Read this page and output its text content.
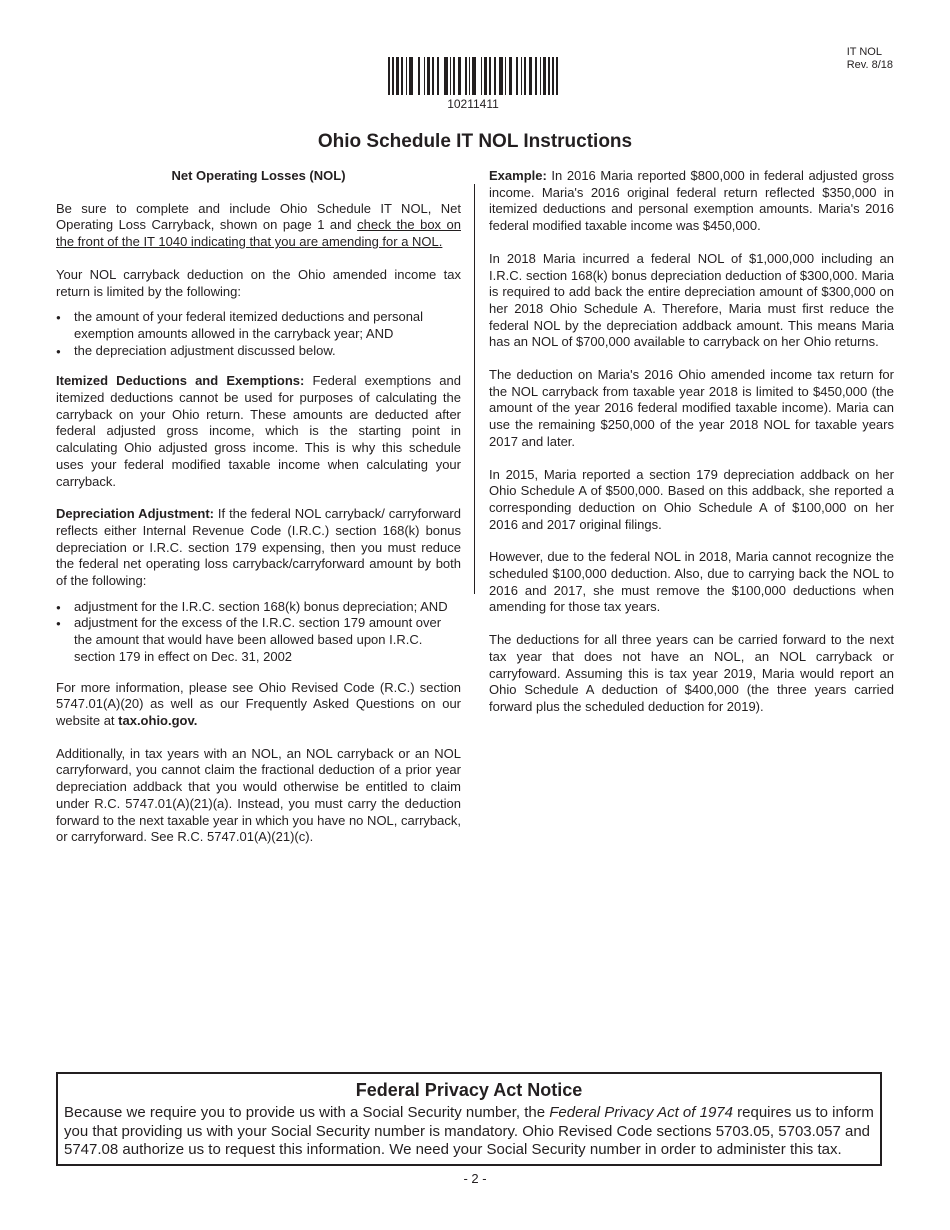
IT NOL
Rev. 8/18
10211411
Ohio Schedule IT NOL Instructions

Net Operating Losses (NOL)

Be sure to complete and include Ohio Schedule IT NOL, Net Operating Loss Carryback, shown on page 1 and check the box on the front of the IT 1040 indicating that you are amending for a NOL.

Your NOL carryback deduction on the Ohio amended income tax return is limited by the following:

● the amount of your federal itemized deductions and personal exemption amounts allowed in the carryback year; AND
● the depreciation adjustment discussed below.

Itemized Deductions and Exemptions: Federal exemptions and itemized deductions cannot be used for purposes of calculating the carryback on your Ohio return. These amounts are deducted after federal adjusted gross income, which is the starting point in calculating Ohio adjusted gross income. This is why this schedule uses your federal modified taxable income when calculating your carryback.

Depreciation Adjustment: If the federal NOL carryback/ carryforward reflects either Internal Revenue Code (I.R.C.) section 168(k) bonus depreciation or I.R.C. section 179 expensing, then you must reduce the federal net operating loss carryback/carryforward amount by both of the following:

● adjustment for the I.R.C. section 168(k) bonus depreciation; AND
● adjustment for the excess of the I.R.C. section 179 amount over the amount that would have been allowed based upon I.R.C. section 179 in effect on Dec. 31, 2002

For more information, please see Ohio Revised Code (R.C.) section 5747.01(A)(20) as well as our Frequently Asked Questions on our website at tax.ohio.gov.

Additionally, in tax years with an NOL, an NOL carryback or an NOL carryforward, you cannot claim the fractional deduction of a prior year depreciation addback that you would otherwise be entitled to claim under R.C. 5747.01(A)(21)(a). Instead, you must carry the deduction forward to the next taxable year in which you have no NOL, carryback, or carryforward. See R.C. 5747.01(A)(21)(c).

Example: In 2016 Maria reported $800,000 in federal adjusted gross income. Maria's 2016 original federal return reflected $350,000 in itemized deductions and personal exemption amounts. Maria's 2016 federal modified taxable income was $450,000.

In 2018 Maria incurred a federal NOL of $1,000,000 including an I.R.C. section 168(k) bonus depreciation deduction of $300,000. Maria is required to add back the entire depreciation amount of $300,000 on her 2018 Ohio Schedule A. Therefore, Maria must first reduce the federal NOL by the depreciation addback amount. This means Maria has an NOL of $700,000 available to carryback on her Ohio returns.

The deduction on Maria's 2016 Ohio amended income tax return for the NOL carryback from taxable year 2018 is limited to $450,000 (the amount of the year 2016 federal modified taxable income). Maria can use the remaining $250,000 of the year 2018 NOL for taxable years 2017 and later.

In 2015, Maria reported a section 179 depreciation addback on her Ohio Schedule A of $500,000. Based on this addback, she reported a corresponding deduction on Ohio Schedule A of $100,000 on her 2016 and 2017 original filings.

However, due to the federal NOL in 2018, Maria cannot recognize the scheduled $100,000 deduction. Also, due to carrying back the NOL to 2016 and 2017, she must remove the $100,000 deductions when amending for those tax years.

The deductions for all three years can be carried forward to the next tax year that does not have an NOL, an NOL carryback or carryfoward. Assuming this is tax year 2019, Maria would report an Ohio Schedule A deduction of $400,000 (the three years carried forward plus the scheduled deduction for 2019).

Federal Privacy Act Notice

Because we require you to provide us with a Social Security number, the Federal Privacy Act of 1974 requires us to inform you that providing us with your Social Security number is mandatory. Ohio Revised Code sections 5703.05, 5703.057 and 5747.08 authorize us to request this information. We need your Social Security number in order to administer this tax.

- 2 -
